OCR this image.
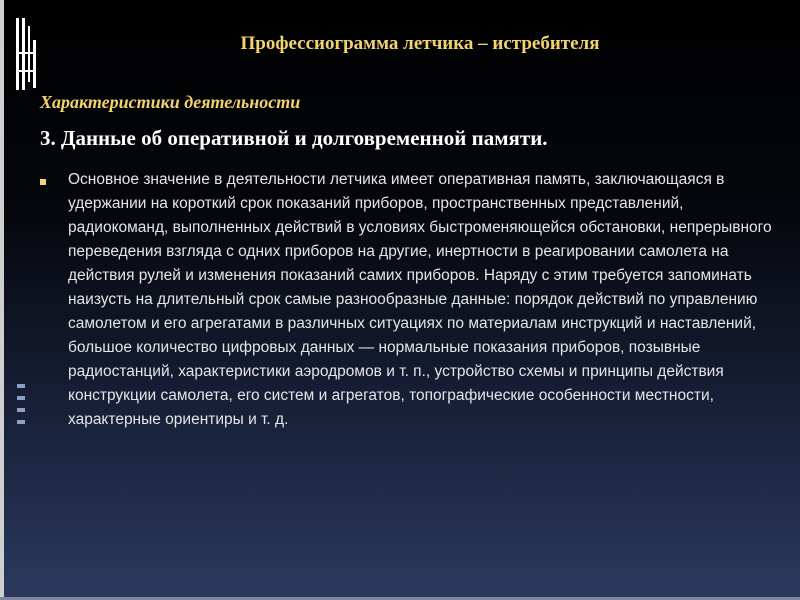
Профессиограмма летчика – истребителя
Характеристики деятельности
3. Данные об оперативной и долговременной памяти.

Основное значение в деятельности летчика имеет оперативная память, заключающаяся в удержании на короткий срок показаний приборов, пространственных представлений, радиокоманд, выполненных действий в условиях быстроменяющейся обстановки, непрерывного переведения взгляда с одних приборов на другие, инертности в реагировании самолета на действия рулей и изменения показаний самих приборов. Наряду с этим требуется запоминать наизусть на длительный срок самые разнообразные данные: порядок действий по управлению самолетом и его агрегатами в различных ситуациях по материалам инструкций и наставлений, большое количество цифровых данных — нормальные показания приборов, позывные радиостанций, характеристики аэродромов и т. п., устройство схемы и принципы действия конструкции самолета, его систем и агрегатов, топографические особенности местности, характерные ориентиры и т. д.
